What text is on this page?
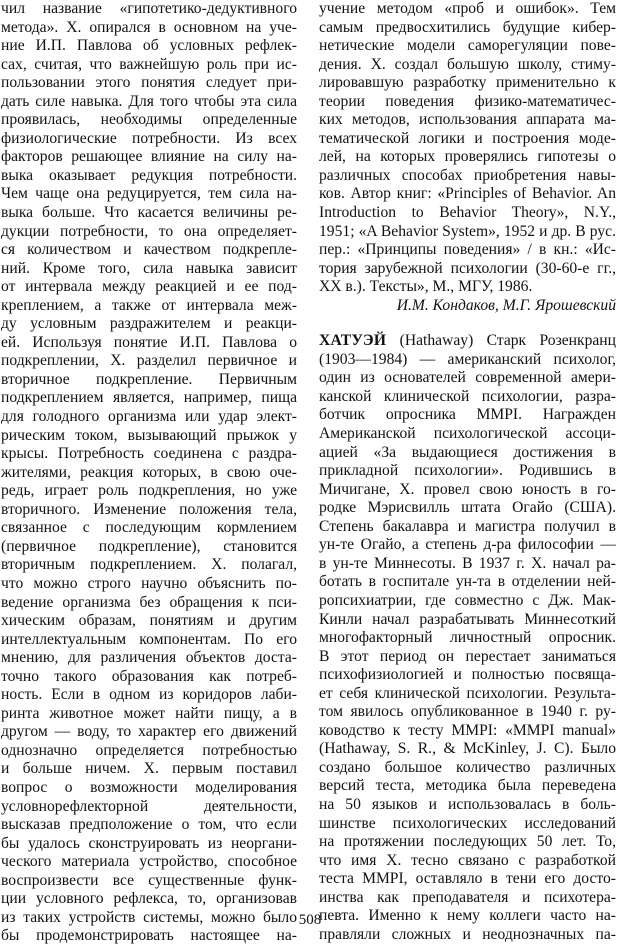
чил название «гипотетико-дедуктивного
метода». Х. опирался в основном на уче-
ние И.П. Павлова об условных рефлек-
сах, считая, что важнейшую роль при ис-
пользовании этого понятия следует при-
дать силе навыка. Для того чтобы эта сила
проявилась, необходимы определенные
физиологические потребности. Из всех
факторов решающее влияние на силу на-
выка оказывает редукция потребности.
Чем чаще она редуцируется, тем сила на-
выка больше. Что касается величины ре-
дукции потребности, то она определяет-
ся количеством и качеством подкрепле-
ний. Кроме того, сила навыка зависит
от интервала между реакцией и ее под-
креплением, а также от интервала меж-
ду условным раздражителем и реакци-
ей. Используя понятие И.П. Павлова о
подкреплении, Х. разделил первичное и
вторичное подкрепление. Первичным
подкреплением является, например, пища
для голодного организма или удар элект-
рическим током, вызывающий прыжок у
крысы. Потребность соединена с раздра-
жителями, реакция которых, в свою оче-
редь, играет роль подкрепления, но уже
вторичного. Изменение положения тела,
связанное с последующим кормлением
(первичное подкрепление), становится
вторичным подкреплением. Х. полагал,
что можно строго научно объяснить по-
ведение организма без обращения к пси-
хическим образам, понятиям и другим
интеллектуальным компонентам. По его
мнению, для различения объектов доста-
точно такого образования как потреб-
ность. Если в одном из коридоров лаби-
ринта животное может найти пищу, а в
другом — воду, то характер его движений
однозначно определяется потребностью
и больше ничем. Х. первым поставил
вопрос о возможности моделирования
условнорефлекторной деятельности,
высказав предположение о том, что если
бы удалось сконструировать из неоргани-
ческого материала устройство, способное
воспроизвести все существенные функ-
ции условного рефлекса, то, организовав
из таких устройств системы, можно было
бы продемонстрировать настоящее на-
учение методом «проб и ошибок». Тем
самым предвосхитились будущие кибер-
нетические модели саморегуляции пове-
дения. Х. создал большую школу, стиму-
лировавшую разработку применительно к
теории поведения физико-математичес-
ких методов, использования аппарата ма-
тематической логики и построения моде-
лей, на которых проверялись гипотезы о
различных способах приобретения навы-
ков. Автор книг: «Principles of Behavior. An
Introduction to Behavior Theory», N.Y.,
1951; «A Behavior System», 1952 и др. В рус.
пер.: «Принципы поведения» / в кн.: «Ис-
тория зарубежной психологии (30-60-е гг.,
XX в.). Тексты», М., МГУ, 1986.
И.М. Кондаков, М.Г. Ярошевский
ХАТУЭЙ (Hathaway) Старк Розенкранц
(1903—1984) — американский психолог,
один из основателей современной амери-
канской клинической психологии, разра-
ботчик опросника MMPI. Награжден
Американской психологической ассоци-
ацией «За выдающиеся достижения в
прикладной психологии». Родившись в
Мичигане, Х. провел свою юность в го-
родке Мэрисвилль штата Огайо (США).
Степень бакалавра и магистра получил в
ун-те Огайо, а степень д-ра философии —
в ун-те Миннесоты. В 1937 г. Х. начал ра-
ботать в госпитале ун-та в отделении ней-
ропсихиатрии, где совместно с Дж. Мак-
Кинли начал разрабатывать Миннесоткий
многофакторный личностный опросник.
В этот период он перестает заниматься
психофизиологией и полностью посвяща-
ет себя клинической психологии. Результа-
том явилось опубликованное в 1940 г. ру-
ководство к тесту MMPI: «MMPI manual»
(Hathaway, S. R., & McKinley, J. C). Было
создано большое количество различных
версий теста, методика была переведена
на 50 языков и использовалась в боль-
шинстве психологических исследований
на протяжении последующих 50 лет. То,
что имя Х. тесно связано с разработкой
теста MMPI, оставляло в тени его досто-
инства как преподавателя и психотера-
певта. Именно к нему коллеги часто на-
правляли сложных и неоднозначных па-
508
